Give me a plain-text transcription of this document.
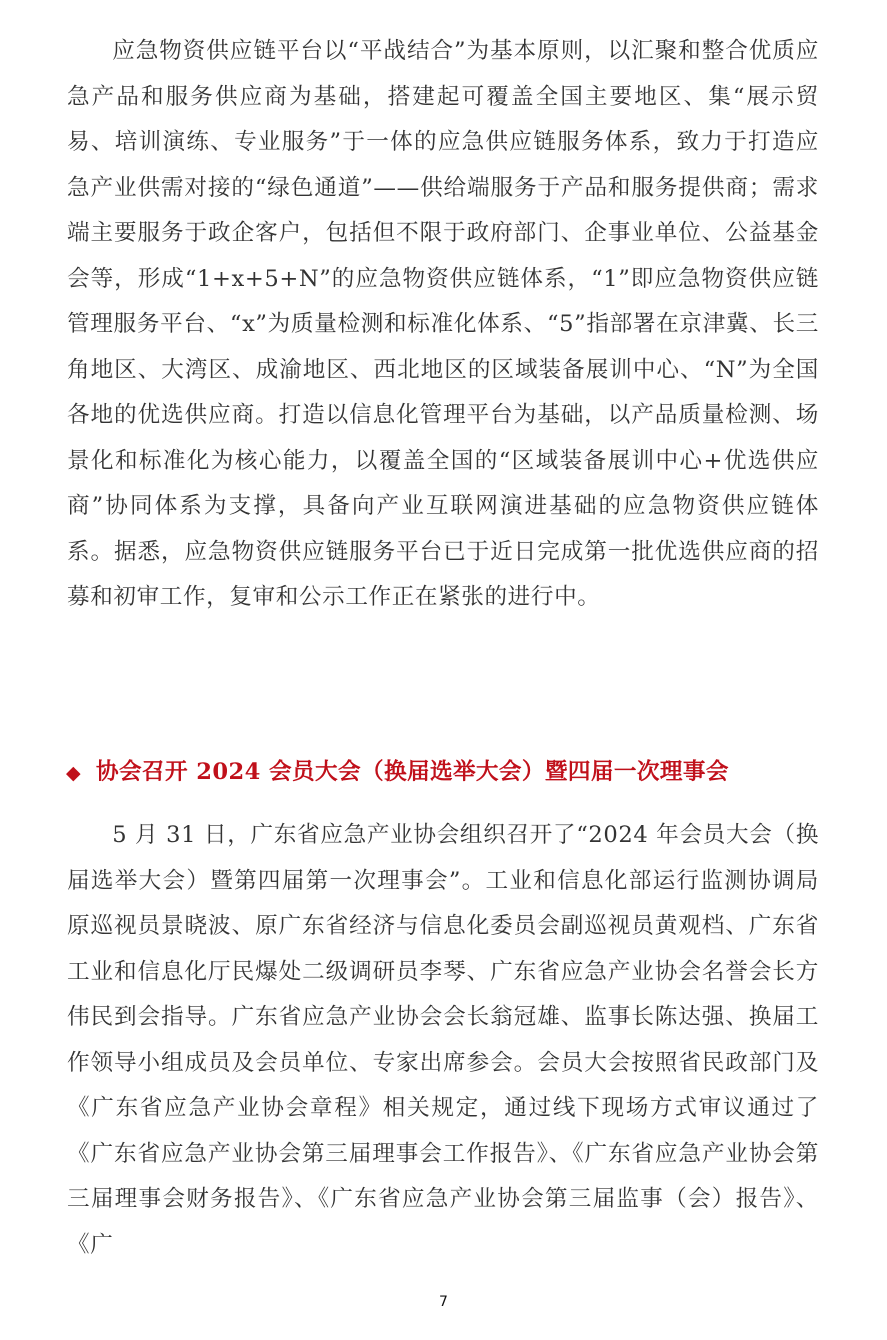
应急物资供应链平台以“平战结合”为基本原则，以汇聚和整合优质应急产品和服务供应商为基础，搭建起可覆盖全国主要地区、集“展示贸易、培训演练、专业服务”于一体的应急供应链服务体系，致力于打造应急产业供需对接的“绿色通道”——供给端服务于产品和服务提供商；需求端主要服务于政企客户，包括但不限于政府部门、企事业单位、公益基金会等，形成“1+x+5+N”的应急物资供应链体系，“1”即应急物资供应链管理服务平台、“x”为质量检测和标准化体系、“5”指部署在京津冀、长三角地区、大湾区、成渝地区、西北地区的区域装备展训中心、“N”为全国各地的优选供应商。打造以信息化管理平台为基础，以产品质量检测、场景化和标准化为核心能力，以覆盖全国的“区域装备展训中心+优选供应商”协同体系为支撑，具备向产业互联网演进基础的应急物资供应链体系。据悉，应急物资供应链服务平台已于近日完成第一批优选供应商的招募和初审工作，复审和公示工作正在紧张的进行中。

◆ 协会召开 2024 会员大会（换届选举大会）暨四届一次理事会

5 月 31 日，广东省应急产业协会组织召开了“2024 年会员大会（换届选举大会）暨第四届第一次理事会”。工业和信息化部运行监测协调局原巡视员景晓波、原广东省经济与信息化委员会副巡视员黄观档、广东省工业和信息化厅民爆处二级调研员李琴、广东省应急产业协会名誉会长方伟民到会指导。广东省应急产业协会会长翁冠雄、监事长陈达强、换届工作领导小组成员及会员单位、专家出席参会。会员大会按照省民政部门及《广东省应急产业协会章程》相关规定，通过线下现场方式审议通过了《广东省应急产业协会第三届理事会工作报告》、《广东省应急产业协会第三届理事会财务报告》、《广东省应急产业协会第三届监事（会）报告》、《广

7
